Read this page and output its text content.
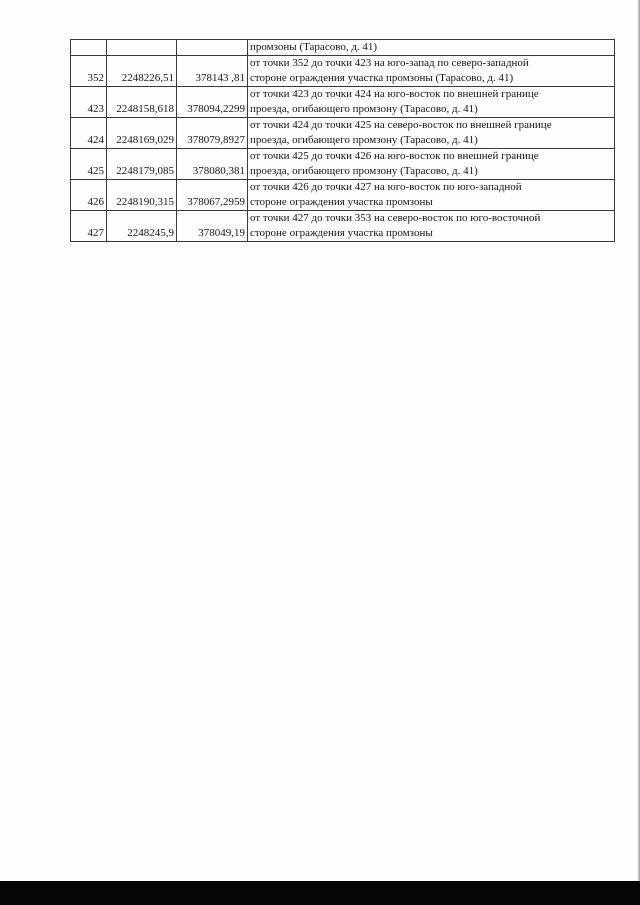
			промзоны (Тарасово, д. 41)

352	2248226,51	378143 ,81	от точки 352 до точки 423 на юго-запад по северо-западной
стороне ограждения участка промзоны (Тарасово, д. 41)

423	2248158,618	378094,2299	от точки 423 до точки 424 на юго-восток по внешней границе
проезда, огибающего промзону (Тарасово, д. 41)

424	2248169,029	378079,8927	от точки 424 до точки 425 на северо-восток по внешней границе
проезда, огибающего промзону (Тарасово, д. 41)

425	2248179,085	378080,381	от точки 425 до точки 426 на юго-восток по внешней границе
проезда, огибающего промзону (Тарасово, д. 41)

426	2248190,315	378067,2959	от точки 426 до точки 427 на юго-восток по юго-западной
стороне ограждения участка промзоны

427	2248245,9	378049,19	от точки 427 до точки 353 на северо-восток по юго-восточной
стороне ограждения участка промзоны
